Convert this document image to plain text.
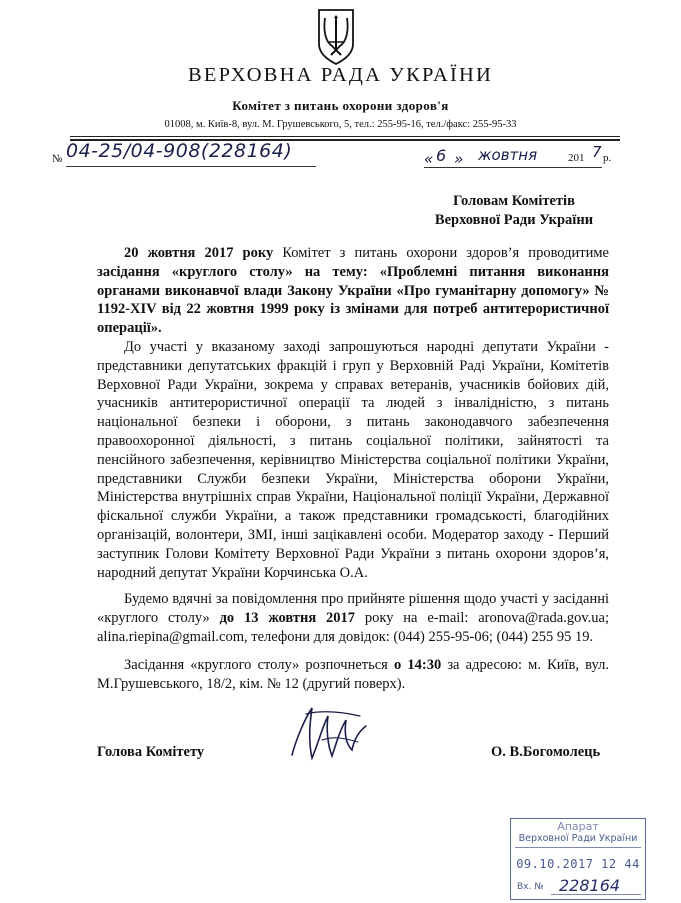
ВЕРХОВНА РАДА УКРАЇНИ
Комітет з питань охорони здоров'я
01008, м. Київ-8, вул. М. Грушевського, 5, тел.: 255-95-16, тел./факс: 255-95-33
№ 04-25/04-908(228164)	« 6 » жовтня	201 7 р.
Головам Комітетів
Верховної Ради України

20 жовтня 2017 року Комітет з питань охорони здоров’я проводитиме засідання «круглого столу» на тему: «Проблемні питання виконання органами виконавчої влади Закону України «Про гуманітарну допомогу» № 1192-XIV від 22 жовтня 1999 року із змінами для потреб антитерористичної операції».

До участі у вказаному заході запрошуються народні депутати України - представники депутатських фракцій і груп у Верховній Раді України, Комітетів Верховної Ради України, зокрема у справах ветеранів, учасників бойових дій, учасників антитерористичної операції та людей з інвалідністю, з питань національної безпеки і оборони, з питань законодавчого забезпечення правоохоронної діяльності, з питань соціальної політики, зайнятості та пенсійного забезпечення, керівництво Міністерства соціальної політики України, представники Служби безпеки України, Міністерства оборони України, Міністерства внутрішніх справ України, Національної поліції України, Державної фіскальної служби України, а також представники громадськості, благодійних організацій, волонтери, ЗМІ, інші зацікавлені особи. Модератор заходу - Перший заступник Голови Комітету Верховної Ради України з питань охорони здоров’я, народний депутат України Корчинська О.А.

Будемо вдячні за повідомлення про прийняте рішення щодо участі у засіданні «круглого столу» до 13 жовтня 2017 року на e-mail: aronova@rada.gov.ua; alina.riepina@gmail.com, телефони для довідок: (044) 255-95-06; (044) 255 95 19.

Засідання «круглого столу» розпочнеться о 14:30 за адресою: м. Київ, вул. М.Грушевського, 18/2, кім. № 12 (другий поверх).

Голова Комітету	О. В.Богомолець
Апарат
Верховної Ради України
09.10.2017 12 44
Вх. № 228164
